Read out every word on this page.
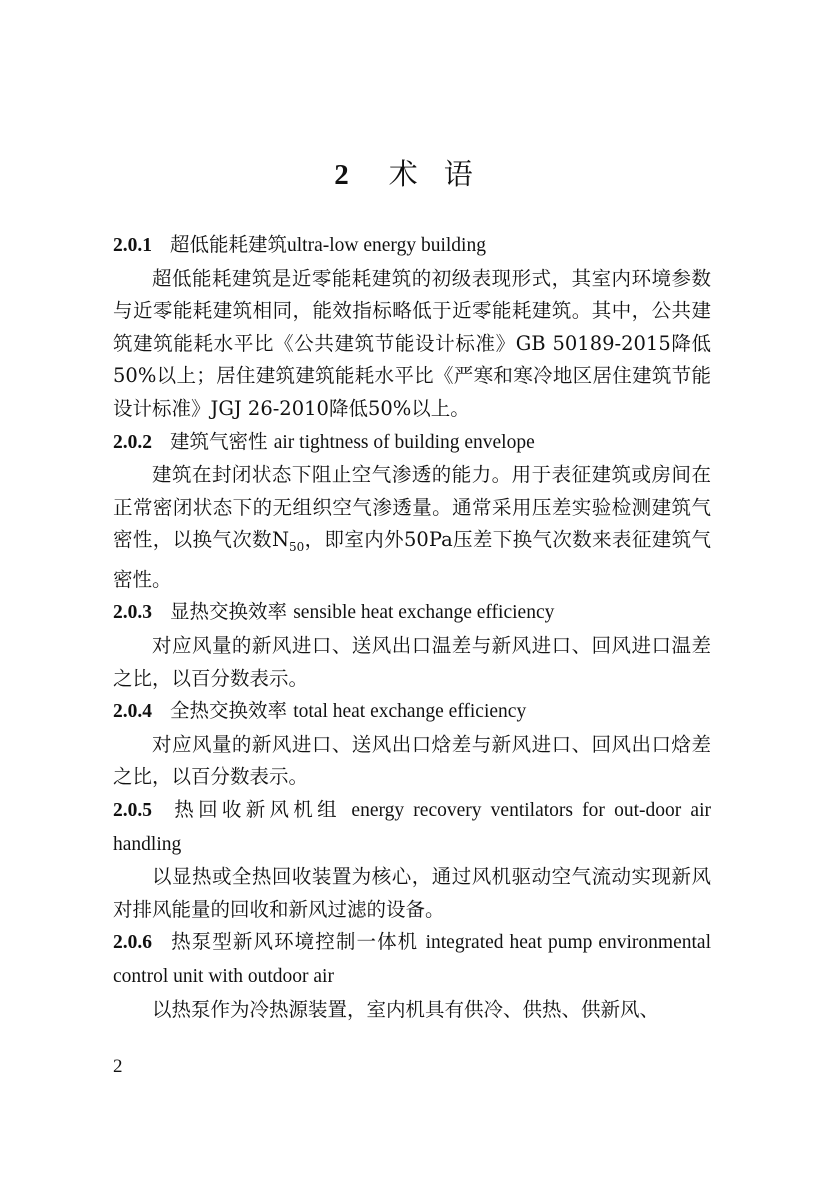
2 术 语
2.0.1 超低能耗建筑ultra-low energy building

超低能耗建筑是近零能耗建筑的初级表现形式，其室内环境参数与近零能耗建筑相同，能效指标略低于近零能耗建筑。其中，公共建筑建筑能耗水平比《公共建筑节能设计标准》GB 50189-2015降低50%以上；居住建筑建筑能耗水平比《严寒和寒冷地区居住建筑节能设计标准》JGJ 26-2010降低50%以上。

2.0.2 建筑气密性 air tightness of building envelope

建筑在封闭状态下阻止空气渗透的能力。用于表征建筑或房间在正常密闭状态下的无组织空气渗透量。通常采用压差实验检测建筑气密性，以换气次数$N_{50}$，即室内外50Pa压差下换气次数来表征建筑气密性。

2.0.3 显热交换效率 sensible heat exchange efficiency

对应风量的新风进口、送风出口温差与新风进口、回风进口温差之比，以百分数表示。

2.0.4 全热交换效率 total heat exchange efficiency

对应风量的新风进口、送风出口焓差与新风进口、回风出口焓差之比，以百分数表示。

2.0.5 热回收新风机组 energy recovery ventilators for out-door air handling

以显热或全热回收装置为核心，通过风机驱动空气流动实现新风对排风能量的回收和新风过滤的设备。

2.0.6 热泵型新风环境控制一体机 integrated heat pump environmental control unit with outdoor air

以热泵作为冷热源装置，室内机具有供冷、供热、供新风、

2
